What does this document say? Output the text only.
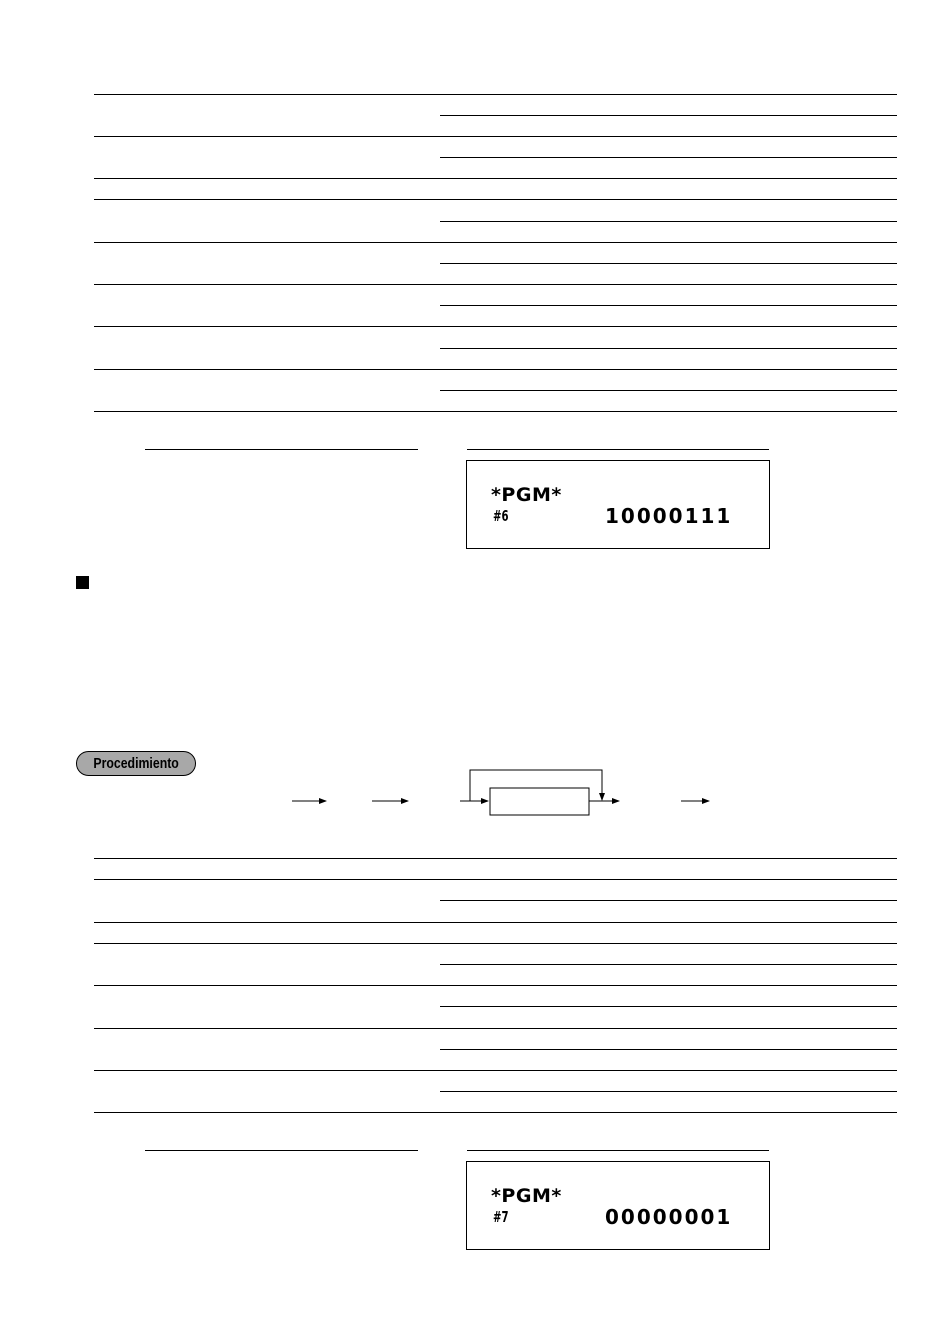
*PGM*
#6	10000111
Procedimiento
*PGM*
#7	00000001
